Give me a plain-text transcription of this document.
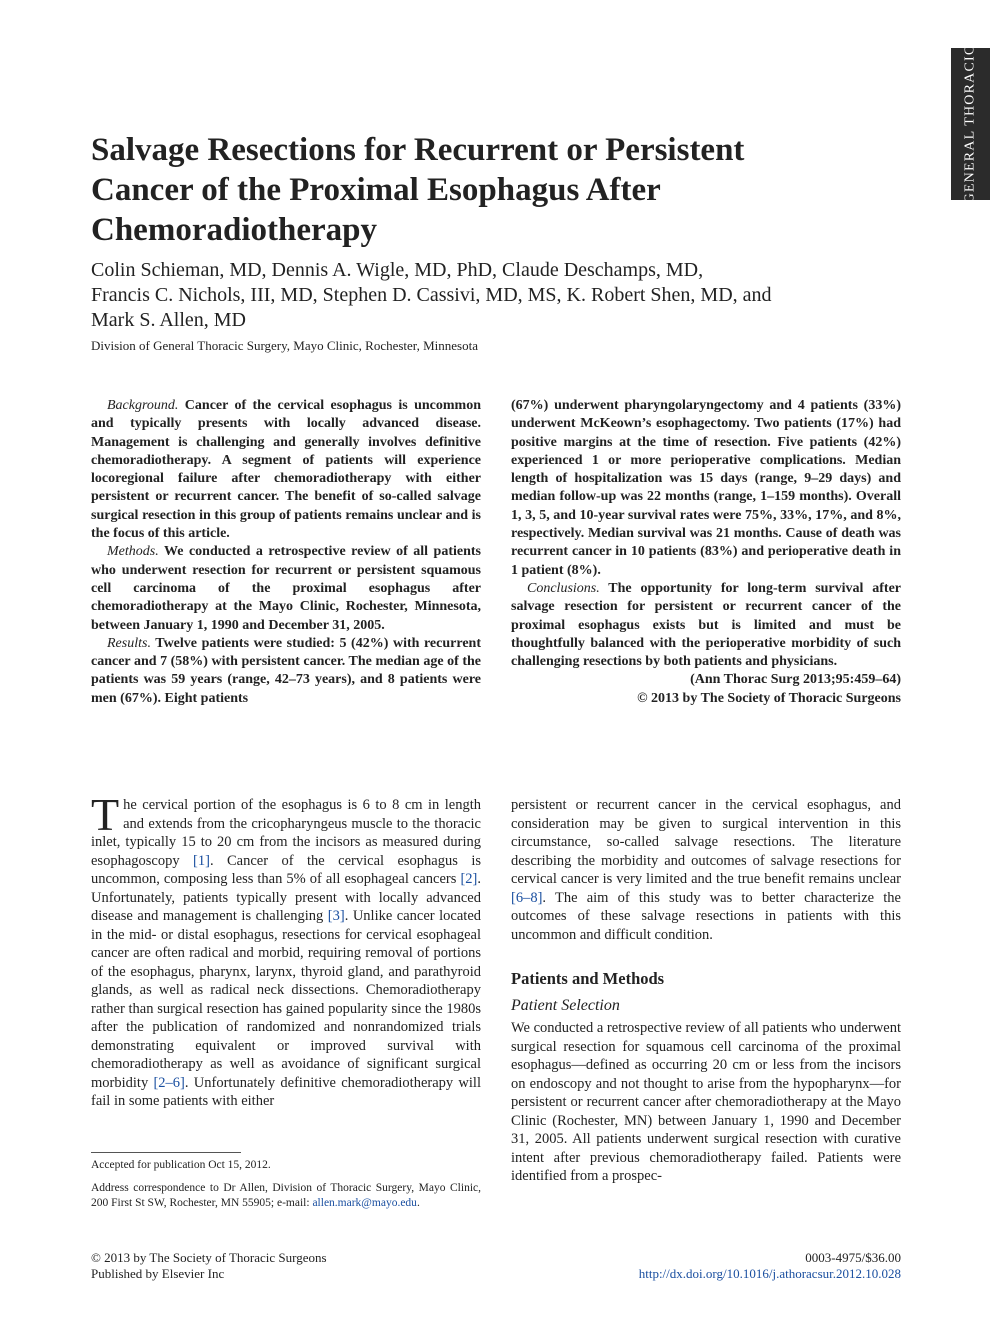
GENERAL THORACIC
Salvage Resections for Recurrent or Persistent Cancer of the Proximal Esophagus After Chemoradiotherapy
Colin Schieman, MD, Dennis A. Wigle, MD, PhD, Claude Deschamps, MD,
Francis C. Nichols, III, MD, Stephen D. Cassivi, MD, MS, K. Robert Shen, MD, and
Mark S. Allen, MD
Division of General Thoracic Surgery, Mayo Clinic, Rochester, Minnesota

Background. Cancer of the cervical esophagus is uncommon and typically presents with locally advanced disease. Management is challenging and generally involves definitive chemoradiotherapy. A segment of patients will experience locoregional failure after chemoradiotherapy with either persistent or recurrent cancer. The benefit of so-called salvage surgical resection in this group of patients remains unclear and is the focus of this article.

Methods. We conducted a retrospective review of all patients who underwent resection for recurrent or persistent squamous cell carcinoma of the proximal esophagus after chemoradiotherapy at the Mayo Clinic, Rochester, Minnesota, between January 1, 1990 and December 31, 2005.

Results. Twelve patients were studied: 5 (42%) with recurrent cancer and 7 (58%) with persistent cancer. The median age of the patients was 59 years (range, 42–73 years), and 8 patients were men (67%). Eight patients

(67%) underwent pharyngolaryngectomy and 4 patients (33%) underwent McKeown’s esophagectomy. Two patients (17%) had positive margins at the time of resection. Five patients (42%) experienced 1 or more perioperative complications. Median length of hospitalization was 15 days (range, 9–29 days) and median follow-up was 22 months (range, 1–159 months). Overall 1, 3, 5, and 10-year survival rates were 75%, 33%, 17%, and 8%, respectively. Median survival was 21 months. Cause of death was recurrent cancer in 10 patients (83%) and perioperative death in 1 patient (8%).

Conclusions. The opportunity for long-term survival after salvage resection for persistent or recurrent cancer of the proximal esophagus exists but is limited and must be thoughtfully balanced with the perioperative morbidity of such challenging resections by both patients and physicians.

(Ann Thorac Surg 2013;95:459–64)

© 2013 by The Society of Thoracic Surgeons

The cervical portion of the esophagus is 6 to 8 cm in length and extends from the cricopharyngeus muscle to the thoracic inlet, typically 15 to 20 cm from the incisors as measured during esophagoscopy [1]. Cancer of the cervical esophagus is uncommon, composing less than 5% of all esophageal cancers [2]. Unfortunately, patients typically present with locally advanced disease and management is challenging [3]. Unlike cancer located in the mid- or distal esophagus, resections for cervical esophageal cancer are often radical and morbid, requiring removal of portions of the esophagus, pharynx, larynx, thyroid gland, and parathyroid glands, as well as radical neck dissections. Chemoradiotherapy rather than surgical resection has gained popularity since the 1980s after the publication of randomized and nonrandomized trials demonstrating equivalent or improved survival with chemoradiotherapy as well as avoidance of significant surgical morbidity [2–6]. Unfortunately definitive chemoradiotherapy will fail in some patients with either

persistent or recurrent cancer in the cervical esophagus, and consideration may be given to surgical intervention in this circumstance, so-called salvage resections. The literature describing the morbidity and outcomes of salvage resections for cervical cancer is very limited and the true benefit remains unclear [6–8]. The aim of this study was to better characterize the outcomes of these salvage resections in patients with this uncommon and difficult condition.

Patients and Methods

Patient Selection

We conducted a retrospective review of all patients who underwent surgical resection for squamous cell carcinoma of the proximal esophagus—defined as occurring 20 cm or less from the incisors on endoscopy and not thought to arise from the hypopharynx—for persistent or recurrent cancer after chemoradiotherapy at the Mayo Clinic (Rochester, MN) between January 1, 1990 and December 31, 2005. All patients underwent surgical resection with curative intent after previous chemoradiotherapy failed. Patients were identified from a prospec-

Accepted for publication Oct 15, 2012.

Address correspondence to Dr Allen, Division of Thoracic Surgery, Mayo Clinic, 200 First St SW, Rochester, MN 55905; e-mail: allen.mark@mayo.edu.

© 2013 by The Society of Thoracic Surgeons
Published by Elsevier Inc
0003-4975/$36.00
http://dx.doi.org/10.1016/j.athoracsur.2012.10.028
